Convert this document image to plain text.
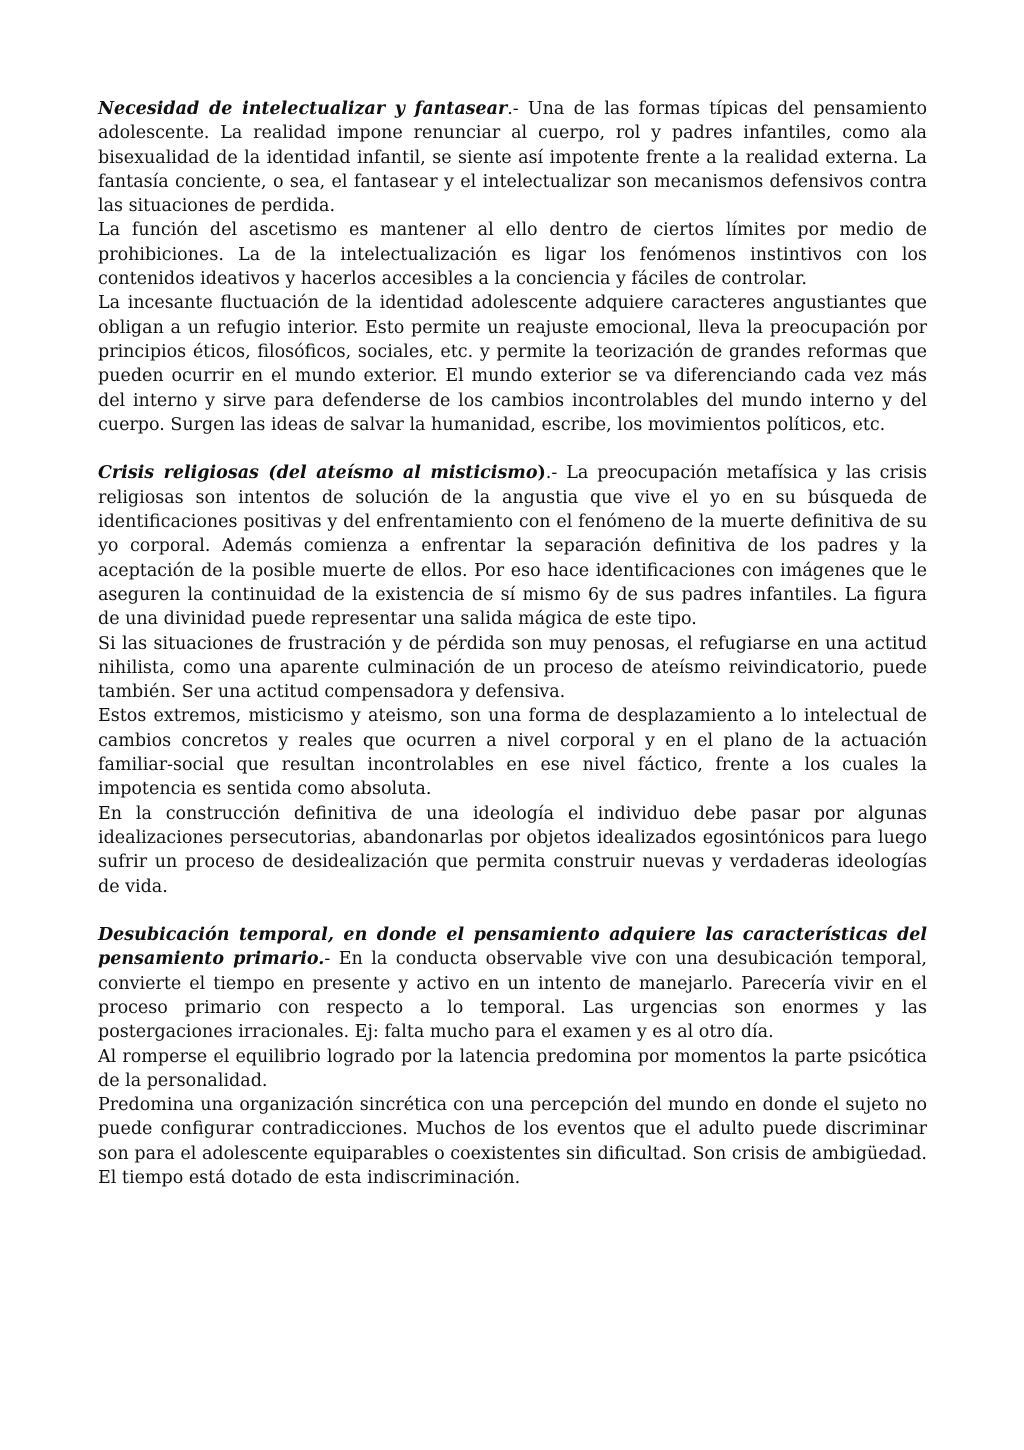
Necesidad de intelectualizar y fantasear.- Una de las formas típicas del pensamiento adolescente. La realidad impone renunciar al cuerpo, rol y padres infantiles, como ala bisexualidad de la identidad infantil, se siente así impotente frente a la realidad externa. La fantasía conciente, o sea, el fantasear y el intelectualizar son mecanismos defensivos contra las situaciones de perdida.

La función del ascetismo es mantener al ello dentro de ciertos límites por medio de prohibiciones. La de la intelectualización es ligar los fenómenos instintivos con los contenidos ideativos y hacerlos accesibles a la conciencia y fáciles de controlar.

La incesante fluctuación de la identidad adolescente adquiere caracteres angustiantes que obligan a un refugio interior. Esto permite un reajuste emocional, lleva la preocupación por principios éticos, filosóficos, sociales, etc. y permite la teorización de grandes reformas que pueden ocurrir en el mundo exterior. El mundo exterior se va diferenciando cada vez más del interno y sirve para defenderse de los cambios incontrolables del mundo interno y del cuerpo. Surgen las ideas de salvar la humanidad, escribe, los movimientos políticos, etc.

Crisis religiosas (del ateísmo al misticismo).- La preocupación metafísica y las crisis religiosas son intentos de solución de la angustia que vive el yo en su búsqueda de identificaciones positivas y del enfrentamiento con el fenómeno de la muerte definitiva de su yo corporal. Además comienza a enfrentar la separación definitiva de los padres y la aceptación de la posible muerte de ellos. Por eso hace identificaciones con imágenes que le aseguren la continuidad de la existencia de sí mismo 6y de sus padres infantiles. La figura de una divinidad puede representar una salida mágica de este tipo.

Si las situaciones de frustración y de pérdida son muy penosas, el refugiarse en una actitud nihilista, como una aparente culminación de un proceso de ateísmo reivindicatorio, puede también. Ser una actitud compensadora y defensiva.

Estos extremos, misticismo y ateismo, son una forma de desplazamiento a lo intelectual de cambios concretos y reales que ocurren a nivel corporal y en el plano de la actuación familiar-social que resultan incontrolables en ese nivel fáctico, frente a los cuales la impotencia es sentida como absoluta.

En la construcción definitiva de una ideología el individuo debe pasar por algunas idealizaciones persecutorias, abandonarlas por objetos idealizados egosintónicos para luego sufrir un proceso de desidealización que permita construir nuevas y verdaderas ideologías de vida.

Desubicación temporal, en donde el pensamiento adquiere las características del pensamiento primario.- En la conducta observable vive con una desubicación temporal, convierte el tiempo en presente y activo en un intento de manejarlo. Parecería vivir en el proceso primario con respecto a lo temporal. Las urgencias son enormes y las postergaciones irracionales. Ej: falta mucho para el examen y es al otro día.

Al romperse el equilibrio logrado por la latencia predomina por momentos la parte psicótica de la personalidad.

Predomina una organización sincrética con una percepción del mundo en donde el sujeto no puede configurar contradicciones. Muchos de los eventos que el adulto puede discriminar son para el adolescente equiparables o coexistentes sin dificultad. Son crisis de ambigüedad. El tiempo está dotado de esta indiscriminación.
